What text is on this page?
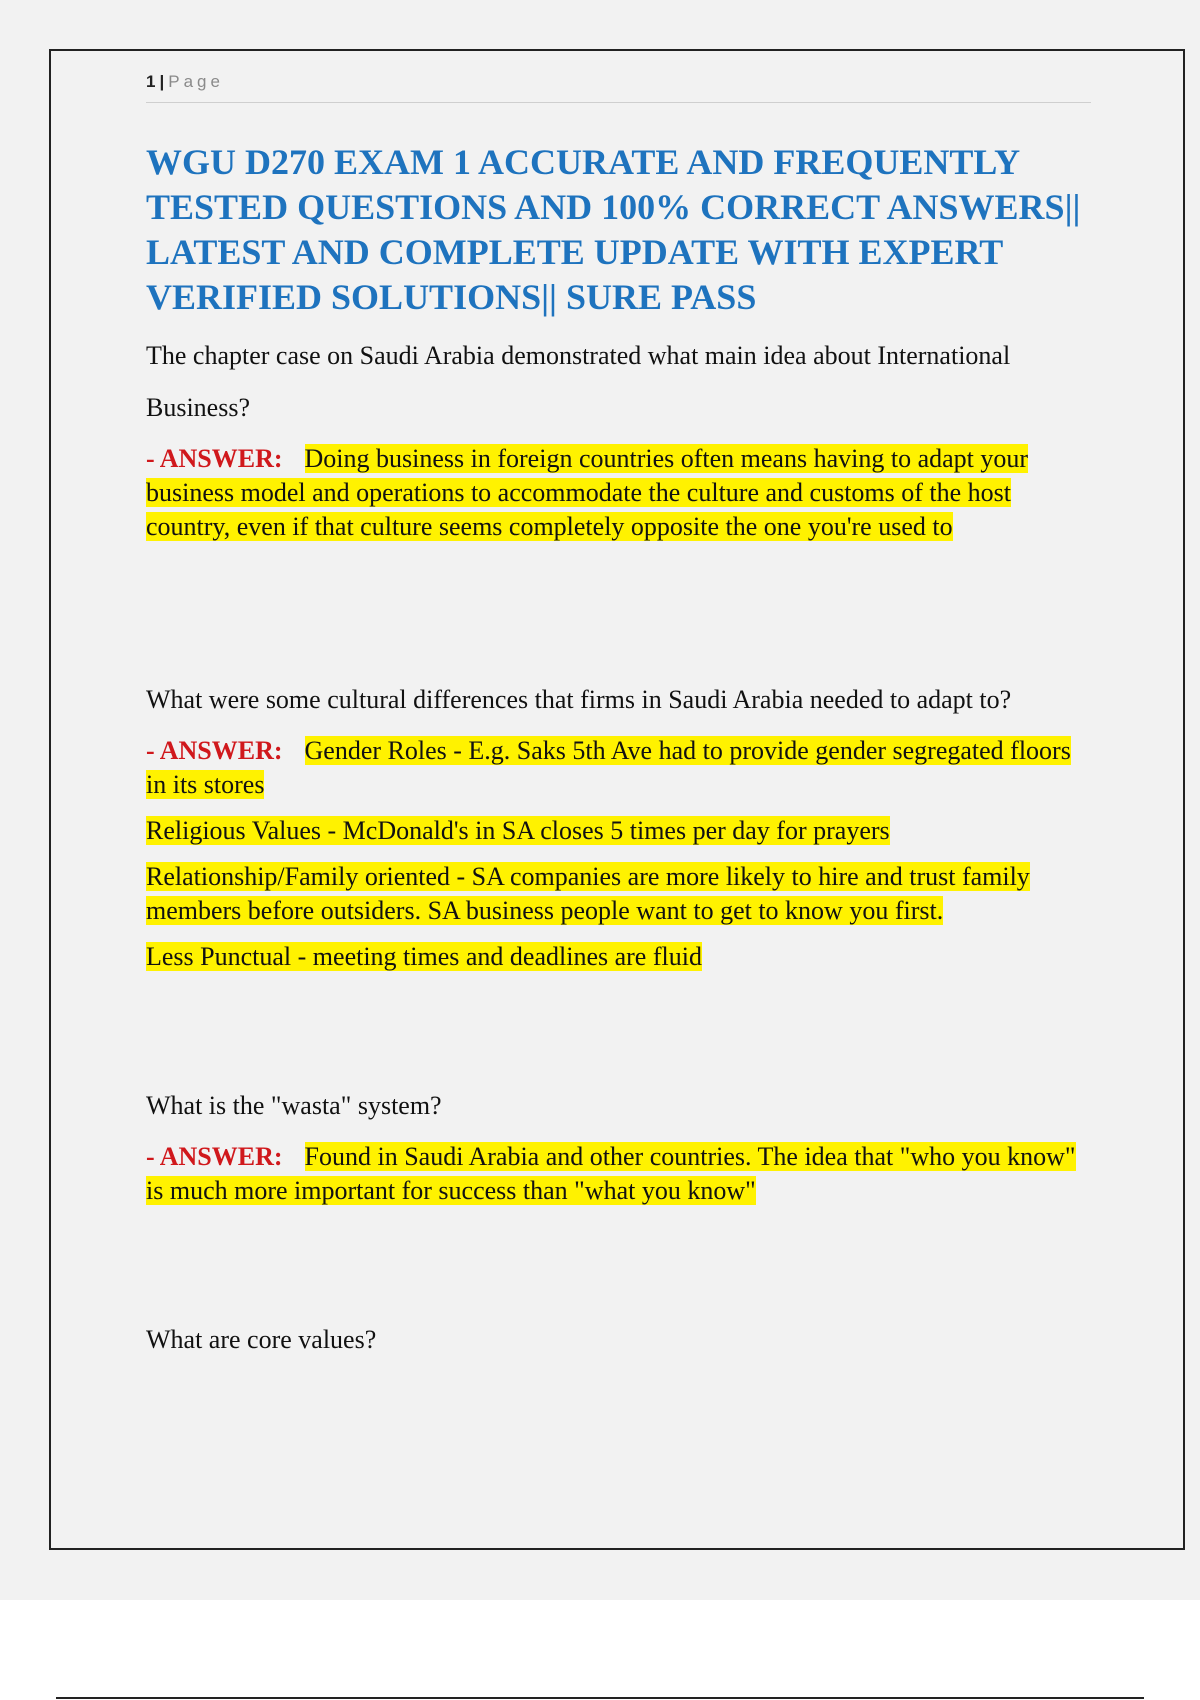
1 | Page
WGU D270 EXAM 1 ACCURATE AND FREQUENTLY TESTED QUESTIONS AND 100% CORRECT ANSWERS|| LATEST AND COMPLETE UPDATE WITH EXPERT VERIFIED SOLUTIONS|| SURE PASS

The chapter case on Saudi Arabia demonstrated what main idea about International Business?

- ANSWER: Doing business in foreign countries often means having to adapt your business model and operations to accommodate the culture and customs of the host country, even if that culture seems completely opposite the one you're used to

What were some cultural differences that firms in Saudi Arabia needed to adapt to?

- ANSWER: Gender Roles - E.g. Saks 5th Ave had to provide gender segregated floors in its stores

Religious Values - McDonald's in SA closes 5 times per day for prayers

Relationship/Family oriented - SA companies are more likely to hire and trust family members before outsiders. SA business people want to get to know you first.

Less Punctual - meeting times and deadlines are fluid

What is the "wasta" system?

- ANSWER: Found in Saudi Arabia and other countries. The idea that "who you know" is much more important for success than "what you know"

What are core values?
